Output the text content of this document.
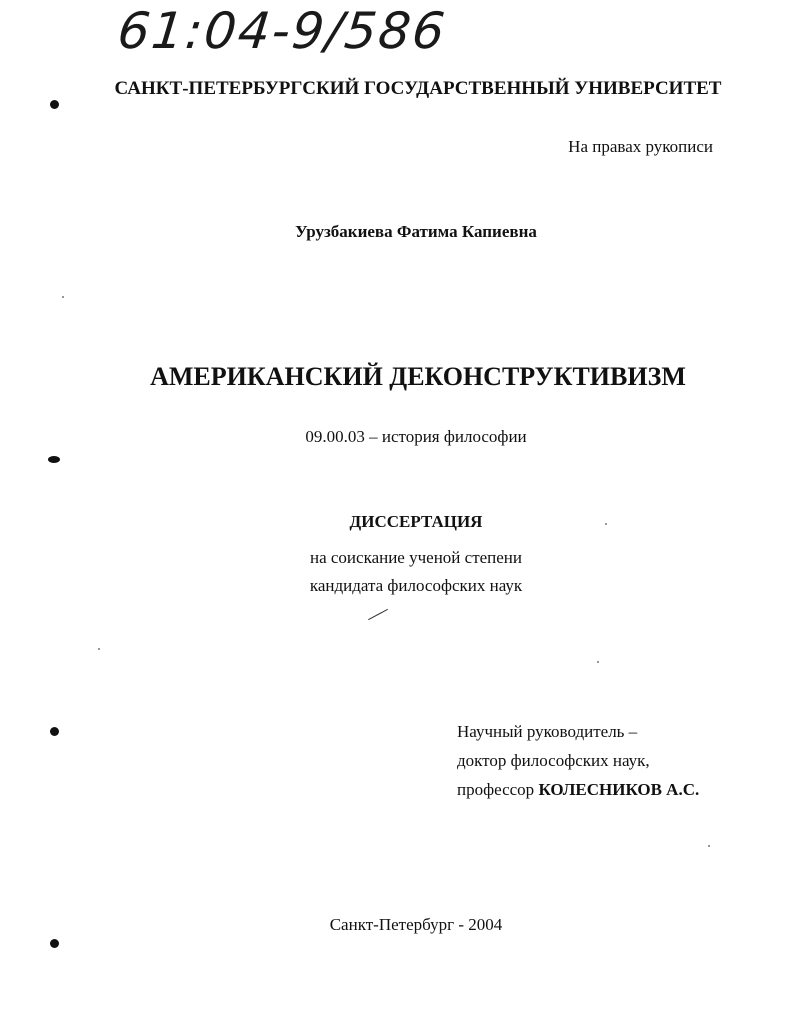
61:04-9/586
САНКТ-ПЕТЕРБУРГСКИЙ ГОСУДАРСТВЕННЫЙ УНИВЕРСИТЕТ
На правах рукописи
Урузбакиева Фатима Капиевна
АМЕРИКАНСКИЙ ДЕКОНСТРУКТИВИЗМ
09.00.03 – история философии
ДИССЕРТАЦИЯ
на соискание ученой степени
кандидата философских наук
Научный руководитель –
доктор философских наук,
профессор КОЛЕСНИКОВ А.С.
Санкт-Петербург - 2004
